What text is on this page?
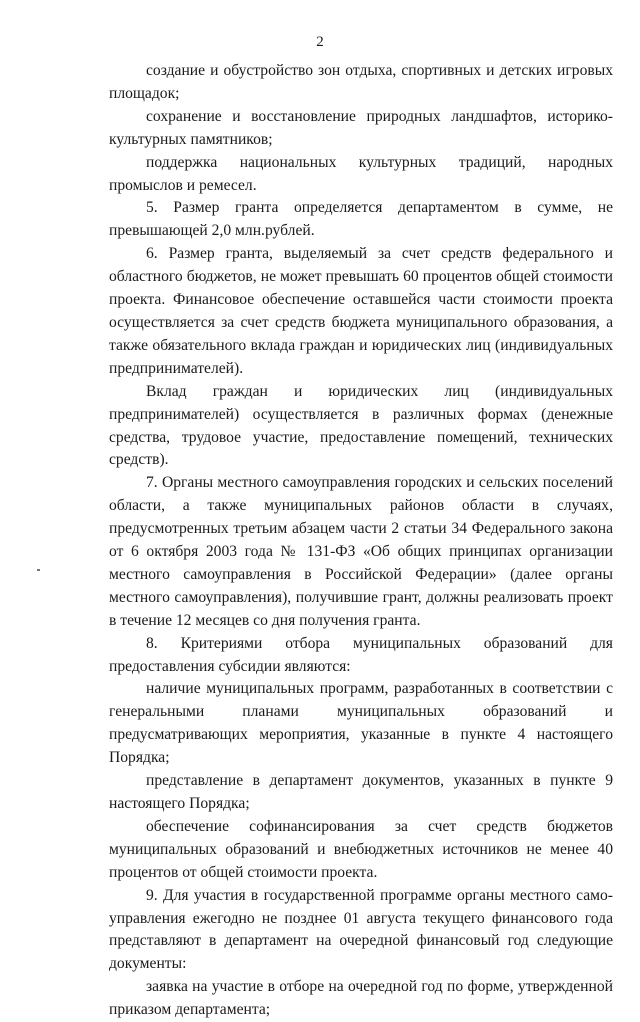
2

создание и обустройство зон отдыха, спортивных и детских игровых площадок;

сохранение и восстановление природных ландшафтов, историко-культурных памятников;

поддержка национальных культурных традиций, народных промыслов и ремесел.

5. Размер гранта определяется департаментом в сумме, не превышающей 2,0 млн.рублей.

6. Размер гранта, выделяемый за счет средств федерального и областного бюджетов, не может превышать 60 процентов общей стоимости проекта. Финансовое обеспечение оставшейся части стоимости проекта осуществляется за счет средств бюджета муниципального образования, а также обязательного вклада граждан и юридических лиц (индивидуальных предпринимателей).

Вклад граждан и юридических лиц (индивидуальных предпринимателей) осуществляется в различных формах (денежные средства, трудовое участие, предоставление помещений, технических средств).

7. Органы местного самоуправления городских и сельских поселений области, а также муниципальных районов области в случаях, предусмотренных третьим абзацем части 2 статьи 34 Федерального закона от 6 октября 2003 года № 131-ФЗ «Об общих принципах организации местного самоуправления в Российской Федерации» (далее органы местного самоуправления), получившие грант, должны реализовать проект в течение 12 месяцев со дня получения гранта.

8. Критериями отбора муниципальных образований для предоставления субсидии являются:

наличие муниципальных программ, разработанных в соответствии с генеральными планами муниципальных образований и предусматривающих мероприятия, указанные в пункте 4 настоящего Порядка;

представление в департамент документов, указанных в пункте 9 настоящего Порядка;

обеспечение софинансирования за счет средств бюджетов муниципальных образований и внебюджетных источников не менее 40 процентов от общей стоимости проекта.

9. Для участия в государственной программе органы местного само-управления ежегодно не позднее 01 августа текущего финансового года представляют в департамент на очередной финансовый год следующие документы:

заявка на участие в отборе на очередной год по форме, утвержденной приказом департамента;
